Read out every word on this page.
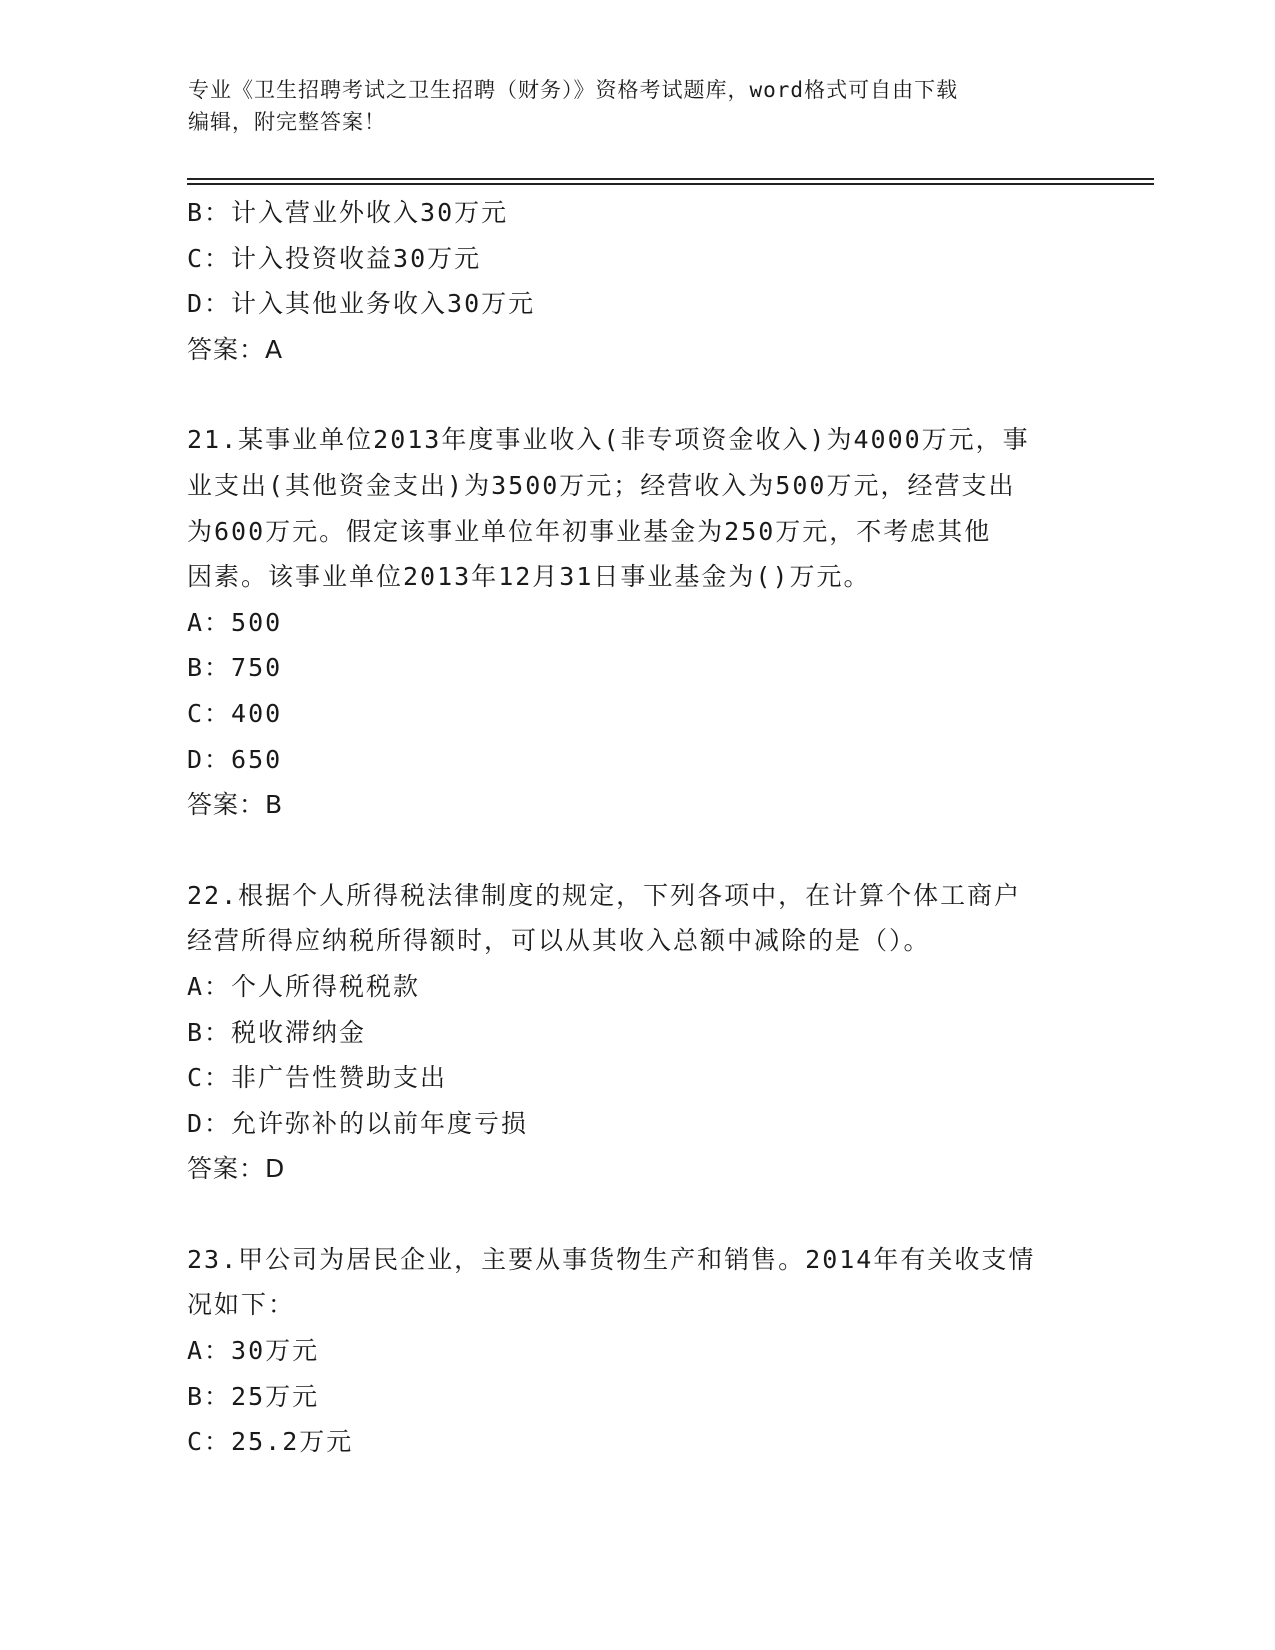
专业《卫生招聘考试之卫生招聘（财务）》资格考试题库，word格式可自由下载
编辑，附完整答案！
B：计入营业外收入30万元
C：计入投资收益30万元
D：计入其他业务收入30万元
答案：A
21.某事业单位2013年度事业收入(非专项资金收入)为4000万元，事
业支出(其他资金支出)为3500万元；经营收入为500万元，经营支出
为600万元。假定该事业单位年初事业基金为250万元，不考虑其他
因素。该事业单位2013年12月31日事业基金为()万元。
A：500
B：750
C：400
D：650
答案：B
22.根据个人所得税法律制度的规定，下列各项中，在计算个体工商户
经营所得应纳税所得额时，可以从其收入总额中减除的是（）。
A：个人所得税税款
B：税收滞纳金
C：非广告性赞助支出
D：允许弥补的以前年度亏损
答案：D
23.甲公司为居民企业，主要从事货物生产和销售。2014年有关收支情
况如下：
A：30万元
B：25万元
C：25.2万元
